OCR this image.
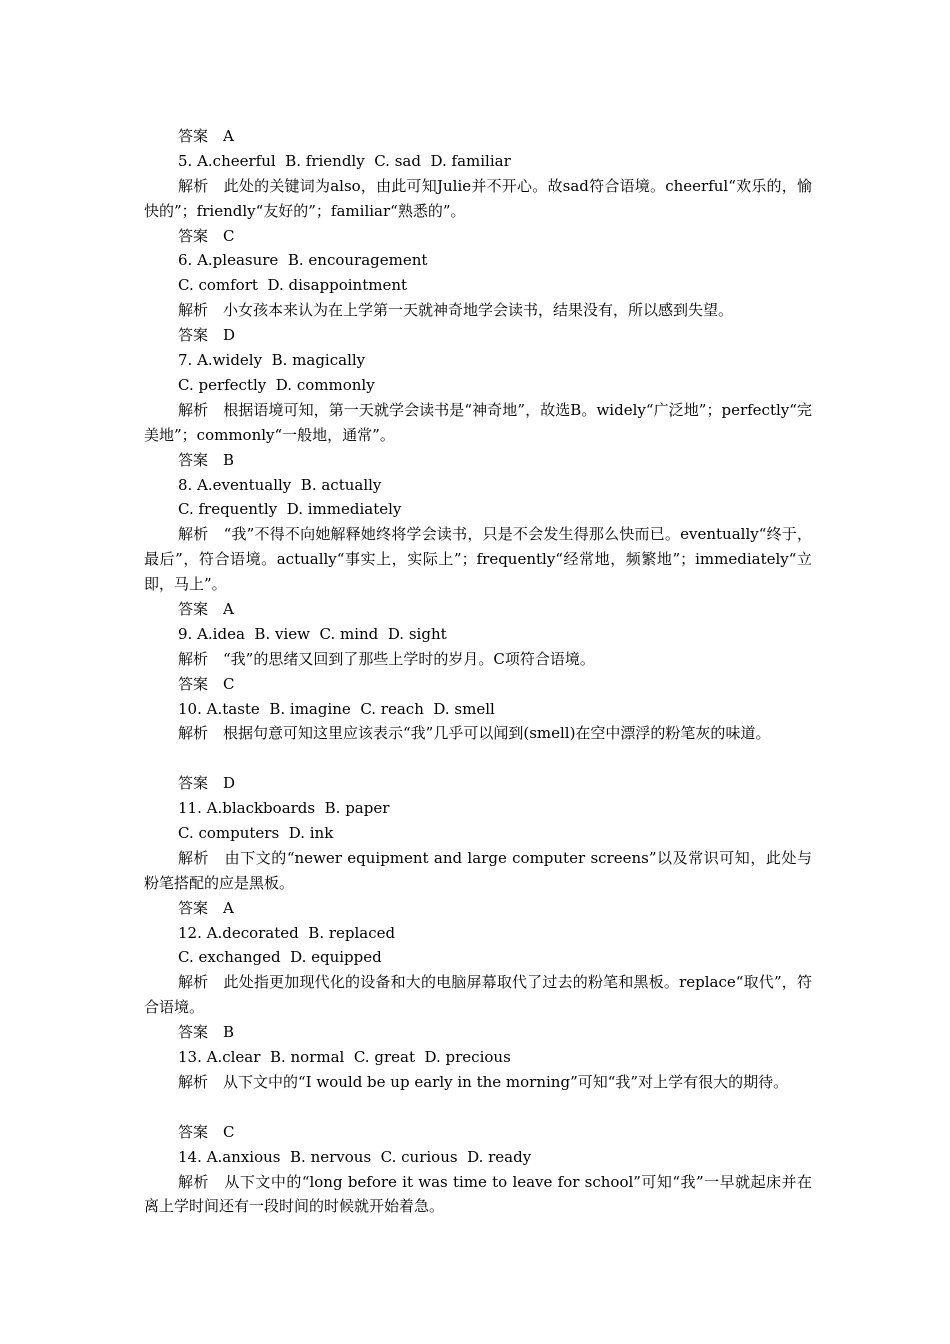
答案　A
5. A.cheerful  B. friendly  C. sad  D. familiar
解析　此处的关键词为also，由此可知Julie并不开心。故sad符合语境。cheerful“欢乐的，愉快的”；friendly“友好的”；familiar“熟悉的”。
答案　C
6. A.pleasure  B. encouragement
C. comfort  D. disappointment
解析　小女孩本来认为在上学第一天就神奇地学会读书，结果没有，所以感到失望。
答案　D
7. A.widely  B. magically
C. perfectly  D. commonly
解析　根据语境可知，第一天就学会读书是“神奇地”，故选B。widely“广泛地”；perfectly“完美地”；commonly“一般地，通常”。
答案　B
8. A.eventually  B. actually
C. frequently  D. immediately
解析　“我”不得不向她解释她终将学会读书，只是不会发生得那么快而已。eventually“终于，最后”，符合语境。actually“事实上，实际上”；frequently“经常地，频繁地”；immediately“立即，马上”。
答案　A
9. A.idea  B. view  C. mind  D. sight
解析　“我”的思绪又回到了那些上学时的岁月。C项符合语境。
答案　C
10. A.taste  B. imagine  C. reach  D. smell
解析　根据句意可知这里应该表示“我”几乎可以闻到(smell)在空中漂浮的粉笔灰的味道。
答案　D
11. A.blackboards  B. paper
C. computers  D. ink
解析　由下文的“newer equipment and large computer screens”以及常识可知，此处与粉笔搭配的应是黑板。
答案　A
12. A.decorated  B. replaced
C. exchanged  D. equipped
解析　此处指更加现代化的设备和大的电脑屏幕取代了过去的粉笔和黑板。replace“取代”，符合语境。
答案　B
13. A.clear  B. normal  C. great  D. precious
解析　从下文中的“I would be up early in the morning”可知“我”对上学有很大的期待。
答案　C
14. A.anxious  B. nervous  C. curious  D. ready
解析　从下文中的“long before it was time to leave for school”可知“我”一早就起床并在离上学时间还有一段时间的时候就开始着急。
